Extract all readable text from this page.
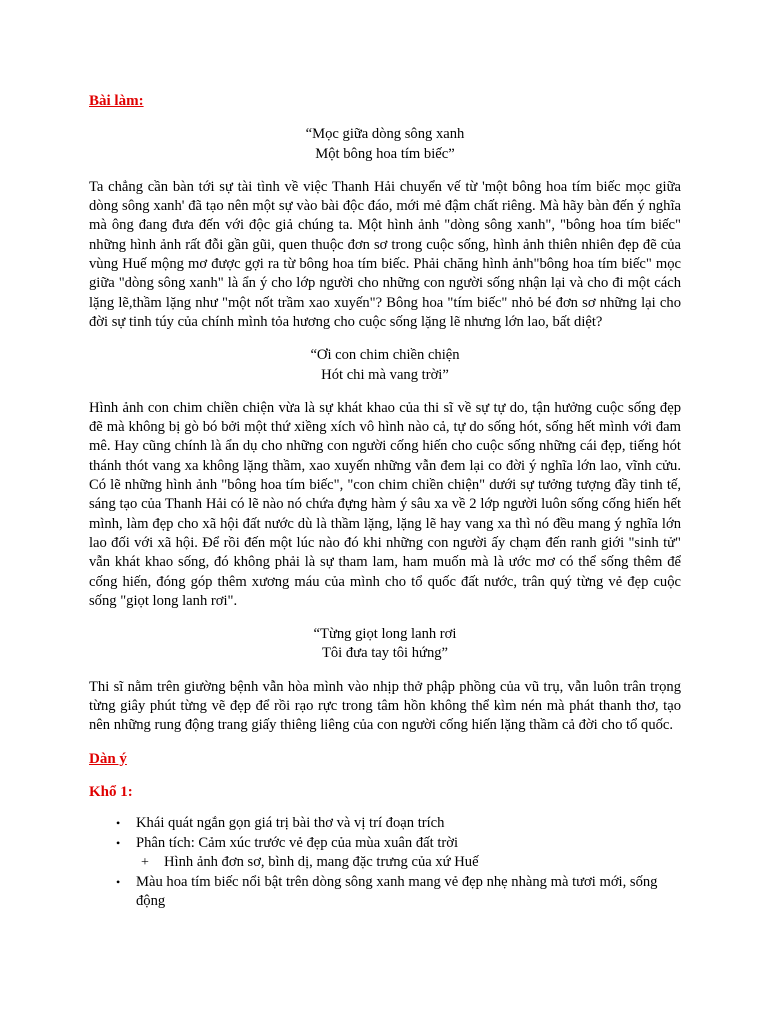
Bài làm:

“Mọc giữa dòng sông xanh
Một bông hoa tím biếc”

Ta chẳng cần bàn tới sự tài tình về việc Thanh Hải chuyển vế từ 'một bông hoa tím biếc mọc giữa dòng sông xanh' đã tạo nên một sự vào bài độc đáo, mới mẻ đậm chất riêng. Mà hãy bàn đến ý nghĩa mà ông đang đưa đến với độc giả chúng ta. Một hình ảnh "dòng sông xanh", "bông hoa tím biếc" những hình ảnh rất đỗi gần gũi, quen thuộc đơn sơ trong cuộc sống, hình ảnh thiên nhiên đẹp đẽ của vùng Huế mộng mơ được gợi ra từ bông hoa tím biếc. Phải chăng hình ảnh"bông hoa tím biếc" mọc giữa "dòng sông xanh" là ẩn ý cho lớp người cho những con người sống nhận lại và cho đi một cách lặng lẽ,thầm lặng như "một nốt trầm xao xuyến"? Bông hoa "tím biếc" nhỏ bé đơn sơ những lại cho đời sự tinh túy của chính mình tỏa hương cho cuộc sống lặng lẽ nhưng lớn lao, bất diệt?

“Ơi con chim chiền chiện
Hót chi mà vang trời”

Hình ảnh con chim chiền chiện vừa là sự khát khao của thi sĩ về sự tự do, tận hưởng cuộc sống đẹp đẽ mà không bị gò bó bởi một thứ xiềng xích vô hình nào cả, tự do sống hót, sống hết mình với đam mê. Hay cũng chính là ẩn dụ cho những con người cống hiến cho cuộc sống những cái đẹp, tiếng hót thánh thót vang xa không lặng thầm, xao xuyến những vẫn đem lại co đời ý nghĩa lớn lao, vĩnh cửu. Có lẽ những hình ảnh "bông hoa tím biếc", "con chim chiền chiện" dưới sự tưởng tượng đầy tinh tế, sáng tạo của Thanh Hải có lẽ nào nó chứa đựng hàm ý sâu xa về 2 lớp người luôn sống cống hiến hết mình, làm đẹp cho xã hội đất nước dù là thầm lặng, lặng lẽ hay vang xa thì nó đều mang ý nghĩa lớn lao đối với xã hội. Để rồi đến một lúc nào đó khi những con người ấy chạm đến ranh giới "sinh tử" vẫn khát khao sống, đó không phải là sự tham lam, ham muốn mà là ước mơ có thể sống thêm để cống hiến, đóng góp thêm xương máu của mình cho tổ quốc đất nước, trân quý từng vẻ đẹp cuộc sống "giọt long lanh rơi".

“Từng giọt long lanh rơi
Tôi đưa tay tôi hứng”

Thi sĩ nằm trên giường bệnh vẫn hòa mình vào nhịp thở phập phồng của vũ trụ, vẫn luôn trân trọng từng giây phút từng vẽ đẹp để rồi rạo rực trong tâm hồn không thể kìm nén mà phát thanh thơ, tạo nên những rung động trang giấy thiêng liêng của con người cống hiến lặng thầm cả đời cho tổ quốc.

Dàn ý

Khổ 1:

• Khái quát ngắn gọn giá trị bài thơ và vị trí đoạn trích
• Phân tích: Cảm xúc trước vẻ đẹp của mùa xuân đất trời
+ Hình ảnh đơn sơ, bình dị, mang đặc trưng của xứ Huế
• Màu hoa tím biếc nổi bật trên dòng sông xanh mang vẻ đẹp nhẹ nhàng mà tươi mới, sống động
